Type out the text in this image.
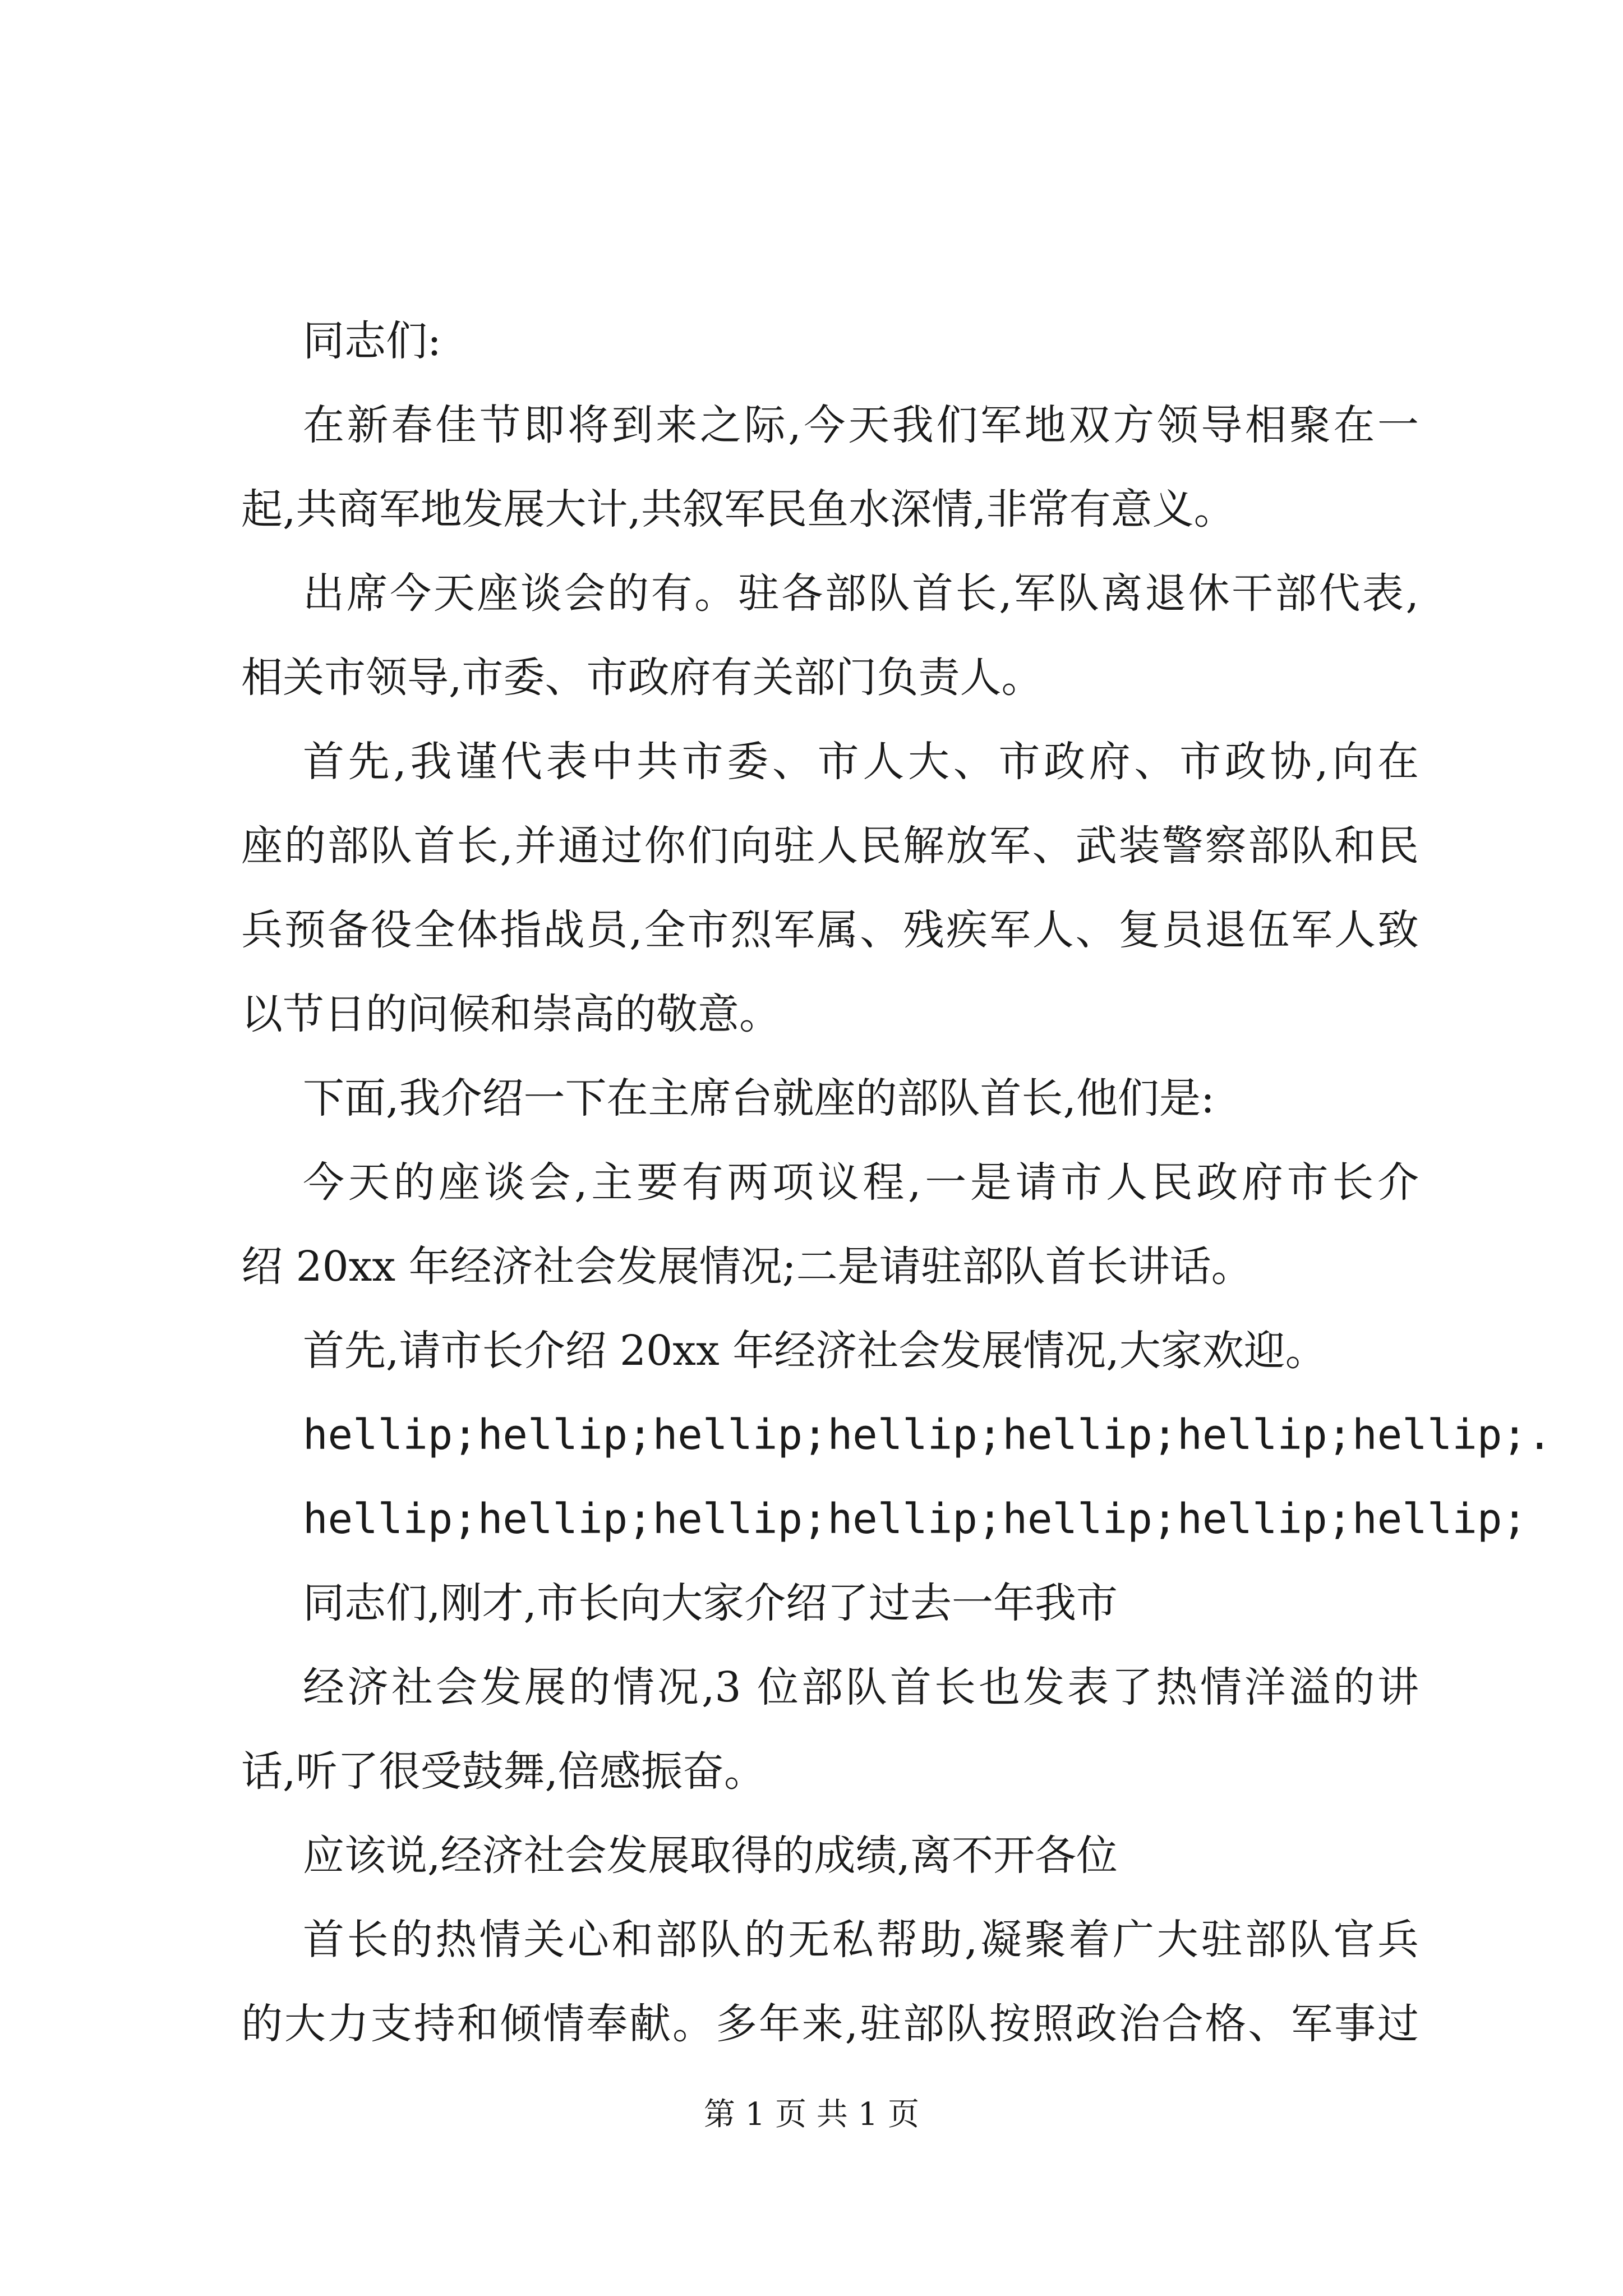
同志们:
在新春佳节即将到来之际,今天我们军地双方领导相聚在一
起,共商军地发展大计,共叙军民鱼水深情,非常有意义。
出席今天座谈会的有。驻各部队首长,军队离退休干部代表,
相关市领导,市委、市政府有关部门负责人。
首先,我谨代表中共市委、市人大、市政府、市政协,向在
座的部队首长,并通过你们向驻人民解放军、武装警察部队和民
兵预备役全体指战员,全市烈军属、残疾军人、复员退伍军人致
以节日的问候和崇高的敬意。
下面,我介绍一下在主席台就座的部队首长,他们是:
今天的座谈会,主要有两项议程,一是请市人民政府市长介
绍 20xx 年经济社会发展情况;二是请驻部队首长讲话。
首先,请市长介绍 20xx 年经济社会发展情况,大家欢迎。
hellip;hellip;hellip;hellip;hellip;hellip;hellip;.
hellip;hellip;hellip;hellip;hellip;hellip;hellip;
同志们,刚才,市长向大家介绍了过去一年我市
经济社会发展的情况,3 位部队首长也发表了热情洋溢的讲
话,听了很受鼓舞,倍感振奋。
应该说,经济社会发展取得的成绩,离不开各位
首长的热情关心和部队的无私帮助,凝聚着广大驻部队官兵
的大力支持和倾情奉献。多年来,驻部队按照政治合格、军事过
第 1 页 共 1 页
